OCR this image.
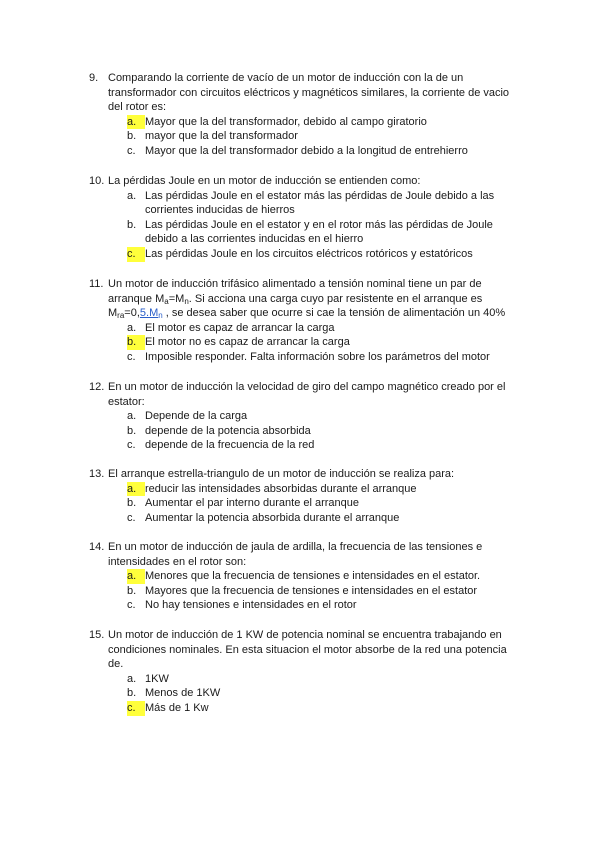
9. Comparando la corriente de vacío de un motor de inducción con la de un transformador con circuitos eléctricos y magnéticos similares, la corriente de vacio del rotor es:
a. Mayor que la del transformador, debido al campo giratorio
b. mayor que la del transformador
c. Mayor que la del transformador debido a la longitud de entrehierro
10. La pérdidas Joule en un motor de inducción se entienden como:
a. Las pérdidas Joule en el estator más las pérdidas de Joule debido a las corrientes inducidas de hierros
b. Las pérdidas Joule en el estator y en el rotor más las pérdidas de Joule debido a las corrientes inducidas en el hierro
c. Las pérdidas Joule en los circuitos eléctricos rotóricos y estatóricos
11. Un motor de inducción trifásico alimentado a tensión nominal tiene un par de arranque $M_a=M_n$. Si acciona una carga cuyo par resistente en el arranque es $M_{ra}=0,5.M_n$ , se desea saber que ocurre si cae la tensión de alimentación un 40%
a. El motor es capaz de arrancar la carga
b. El motor no es capaz de arrancar la carga
c. Imposible responder. Falta información sobre los parámetros del motor
12. En un motor de inducción la velocidad de giro del campo magnético creado por el estator:
a. Depende de la carga
b. depende de la potencia absorbida
c. depende de la frecuencia de la red
13. El arranque estrella-triangulo de un motor de inducción se realiza para:
a. reducir las intensidades absorbidas durante el arranque
b. Aumentar el par interno durante el arranque
c. Aumentar la potencia absorbida durante el arranque
14. En un motor de inducción de jaula de ardilla, la frecuencia de las tensiones e intensidades en el rotor son:
a. Menores que la frecuencia de tensiones e intensidades en el estator.
b. Mayores que la frecuencia de tensiones e intensidades en el estator
c. No hay tensiones e intensidades en el rotor
15. Un motor de inducción de 1 KW de potencia nominal se encuentra trabajando en condiciones nominales. En esta situacion el motor absorbe de la red una potencia de.
a. 1KW
b. Menos de 1KW
c. Más de 1 Kw
